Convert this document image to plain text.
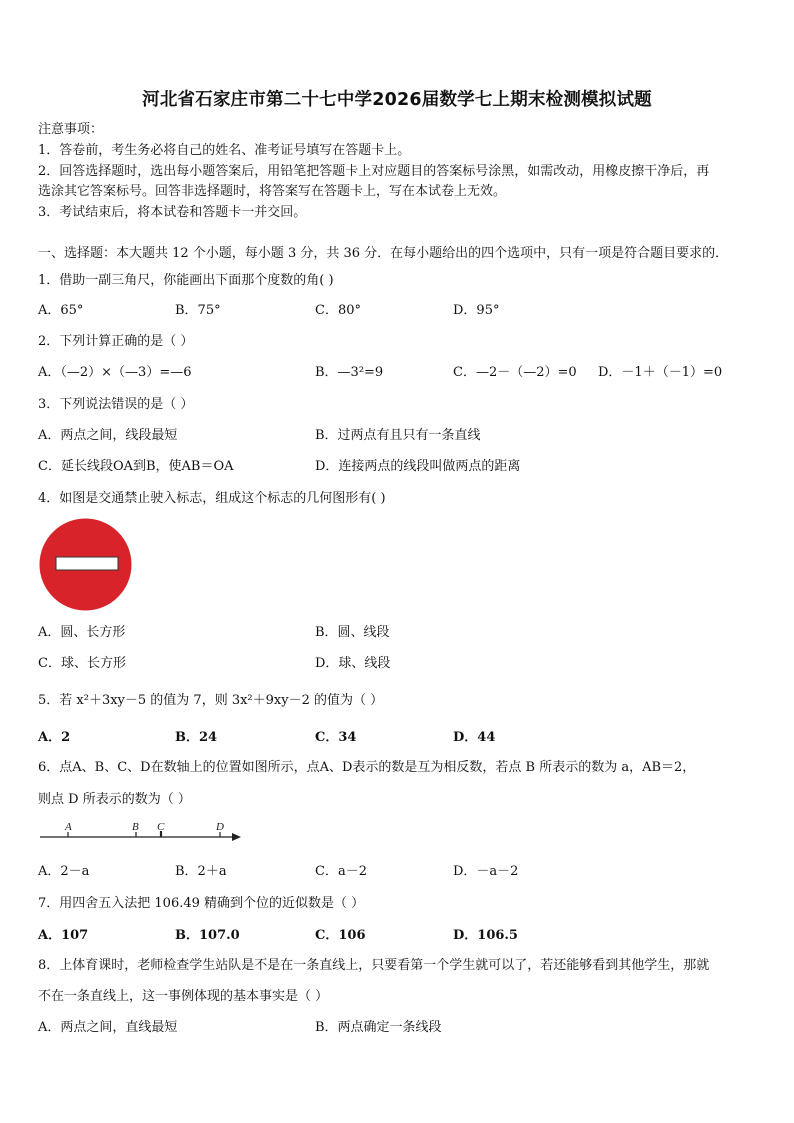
河北省石家庄市第二十七中学2026届数学七上期末检测模拟试题
注意事项：
1．答卷前，考生务必将自己的姓名、准考证号填写在答题卡上。
2．回答选择题时，选出每小题答案后，用铅笔把答题卡上对应题目的答案标号涂黑，如需改动，用橡皮擦干净后，再
选涂其它答案标号。回答非选择题时，将答案写在答题卡上，写在本试卷上无效。
3．考试结束后，将本试卷和答题卡一并交回。
一、选择题：本大题共 12 个小题，每小题 3 分，共 36 分．在每小题给出的四个选项中，只有一项是符合题目要求的．
1．借助一副三角尺，你能画出下面那个度数的角( )
A．65°	B．75°	C．80°	D．95°
2．下列计算正确的是（ ）
A．（—2）×（—3）=—6	B．—3²=9	C．—2－（—2）=0 D．－1＋（－1）=0
3．下列说法错误的是（ ）
A．两点之间，线段最短	B．过两点有且只有一条直线
C．延长线段OA到B，使AB＝OA	D．连接两点的线段叫做两点的距离
4．如图是交通禁止驶入标志，组成这个标志的几何图形有( )
A．圆、长方形	B．圆、线段
C．球、长方形	D．球、线段
5．若 x²＋3xy－5 的值为 7，则 3x²＋9xy－2 的值为（ ）
A．2	B．24	C．34	D．44
6．点A、B、C、D在数轴上的位置如图所示，点A、D表示的数是互为相反数，若点 B 所表示的数为 a，AB＝2，
则点 D 所表示的数为（ ）
A	B C	D
A．2－a	B．2＋a	C．a－2	D．－a－2
7．用四舍五入法把 106.49 精确到个位的近似数是（ ）
A．107	B．107.0	C．106	D．106.5
8．上体育课时，老师检查学生站队是不是在一条直线上，只要看第一个学生就可以了，若还能够看到其他学生，那就
不在一条直线上，这一事例体现的基本事实是（ ）
A．两点之间，直线最短	B．两点确定一条线段
